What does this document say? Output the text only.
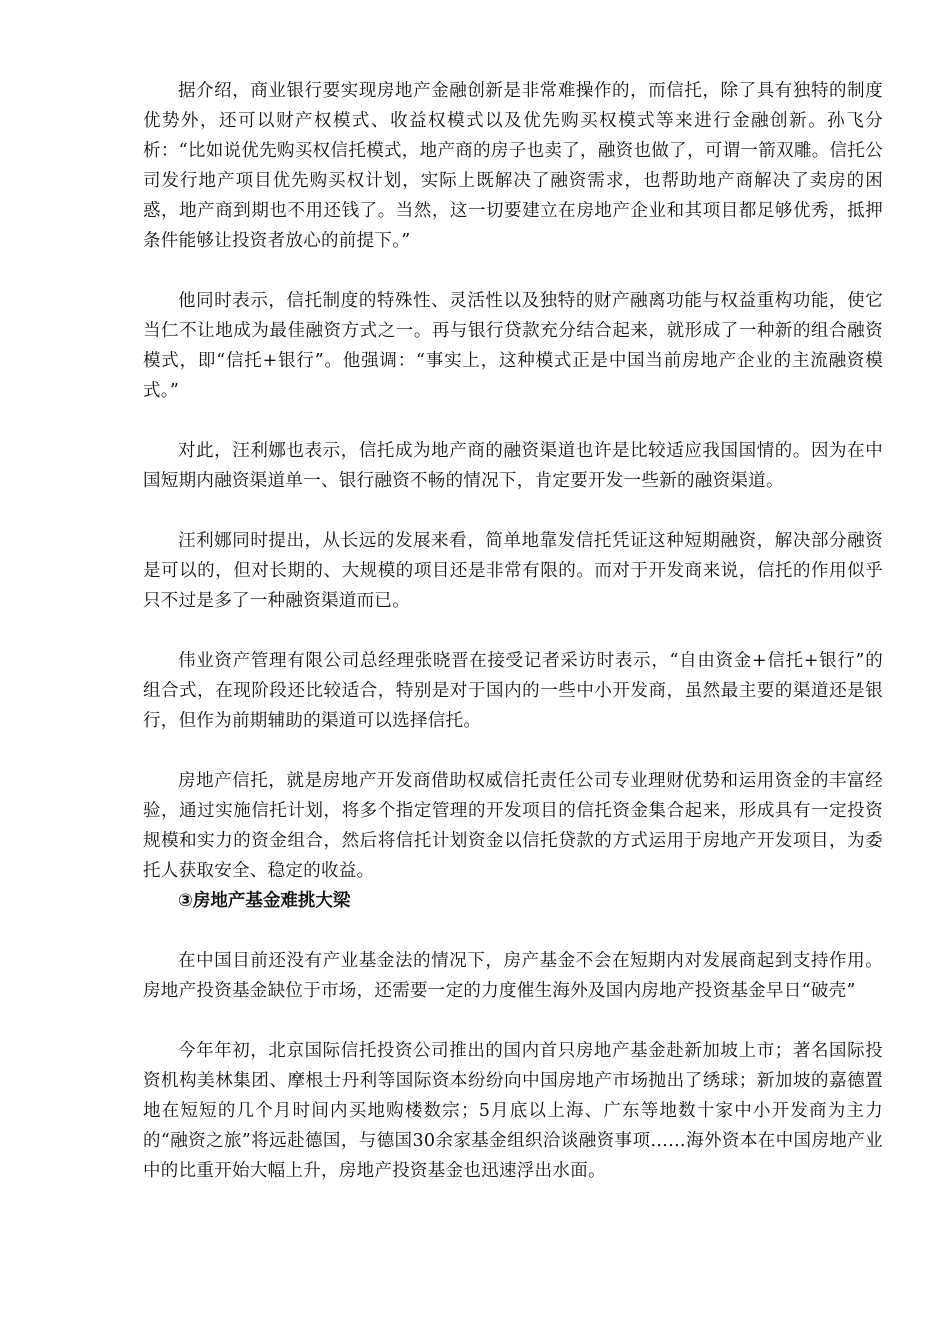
据介绍，商业银行要实现房地产金融创新是非常难操作的，而信托，除了具有独特的制度优势外，还可以财产权模式、收益权模式以及优先购买权模式等来进行金融创新。孙飞分析：“比如说优先购买权信托模式，地产商的房子也卖了，融资也做了，可谓一箭双雕。信托公司发行地产项目优先购买权计划，实际上既解决了融资需求，也帮助地产商解决了卖房的困惑，地产商到期也不用还钱了。当然，这一切要建立在房地产企业和其项目都足够优秀，抵押条件能够让投资者放心的前提下。”

他同时表示，信托制度的特殊性、灵活性以及独特的财产融离功能与权益重构功能，使它当仁不让地成为最佳融资方式之一。再与银行贷款充分结合起来，就形成了一种新的组合融资模式，即“信托+银行”。他强调：“事实上，这种模式正是中国当前房地产企业的主流融资模式。”

对此，汪利娜也表示，信托成为地产商的融资渠道也许是比较适应我国国情的。因为在中国短期内融资渠道单一、银行融资不畅的情况下，肯定要开发一些新的融资渠道。

汪利娜同时提出，从长远的发展来看，简单地靠发信托凭证这种短期融资，解决部分融资是可以的，但对长期的、大规模的项目还是非常有限的。而对于开发商来说，信托的作用似乎只不过是多了一种融资渠道而已。

伟业资产管理有限公司总经理张晓晋在接受记者采访时表示，“自由资金+信托+银行”的组合式，在现阶段还比较适合，特别是对于国内的一些中小开发商，虽然最主要的渠道还是银行，但作为前期辅助的渠道可以选择信托。

房地产信托，就是房地产开发商借助权威信托责任公司专业理财优势和运用资金的丰富经验，通过实施信托计划，将多个指定管理的开发项目的信托资金集合起来，形成具有一定投资规模和实力的资金组合，然后将信托计划资金以信托贷款的方式运用于房地产开发项目，为委托人获取安全、稳定的收益。

③房地产基金难挑大梁

在中国目前还没有产业基金法的情况下，房产基金不会在短期内对发展商起到支持作用。房地产投资基金缺位于市场，还需要一定的力度催生海外及国内房地产投资基金早日“破壳”

今年年初，北京国际信托投资公司推出的国内首只房地产基金赴新加坡上市；著名国际投资机构美林集团、摩根士丹利等国际资本纷纷向中国房地产市场抛出了绣球；新加坡的嘉德置地在短短的几个月时间内买地购楼数宗；5月底以上海、广东等地数十家中小开发商为主力的“融资之旅”将远赴德国，与德国30余家基金组织洽谈融资事项……海外资本在中国房地产业中的比重开始大幅上升，房地产投资基金也迅速浮出水面。
